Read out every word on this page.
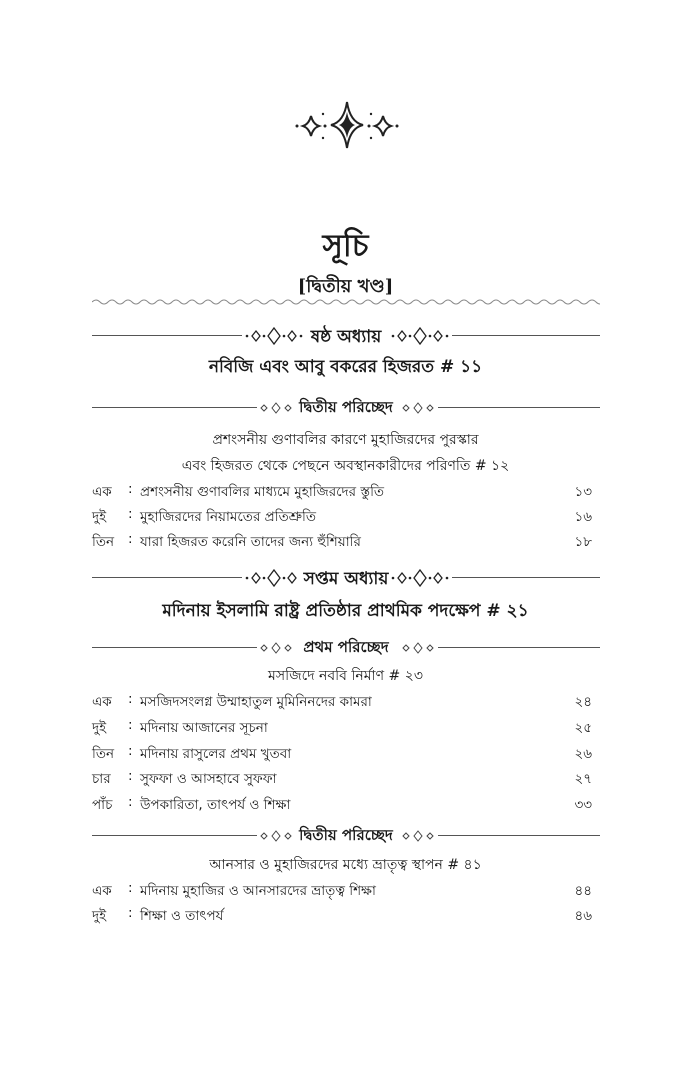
সূচি
[দ্বিতীয় খণ্ড]
ষষ্ঠ অধ্যায়
নবিজি এবং আবু বকরের হিজরত # ১১
দ্বিতীয় পরিচ্ছেদ
প্রশংসনীয় গুণাবলির কারণে মুহাজিরদের পুরস্কার
এবং হিজরত থেকে পেছনে অবস্থানকারীদের পরিণতি # ১২
এক : প্রশংসনীয় গুণাবলির মাধ্যমে মুহাজিরদের স্তুতি	১৩
দুই : মুহাজিরদের নিয়ামতের প্রতিশ্রুতি	১৬
তিন : যারা হিজরত করেনি তাদের জন্য হুঁশিয়ারি	১৮
সপ্তম অধ্যায়
মদিনায় ইসলামি রাষ্ট্র প্রতিষ্ঠার প্রাথমিক পদক্ষেপ # ২১
প্রথম পরিচ্ছেদ
মসজিদে নববি নির্মাণ # ২৩
এক : মসজিদসংলগ্ন উম্মাহাতুল মুমিনিনদের কামরা	২৪
দুই : মদিনায় আজানের সূচনা	২৫
তিন : মদিনায় রাসুলের প্রথম খুতবা	২৬
চার : সুফফা ও আসহাবে সুফফা	২৭
পাঁচ : উপকারিতা, তাৎপর্য ও শিক্ষা	৩৩
দ্বিতীয় পরিচ্ছেদ
আনসার ও মুহাজিরদের মধ্যে ভ্রাতৃত্ব স্থাপন # ৪১
এক : মদিনায় মুহাজির ও আনসারদের ভ্রাতৃত্ব শিক্ষা	৪৪
দুই : শিক্ষা ও তাৎপর্য	৪৬
